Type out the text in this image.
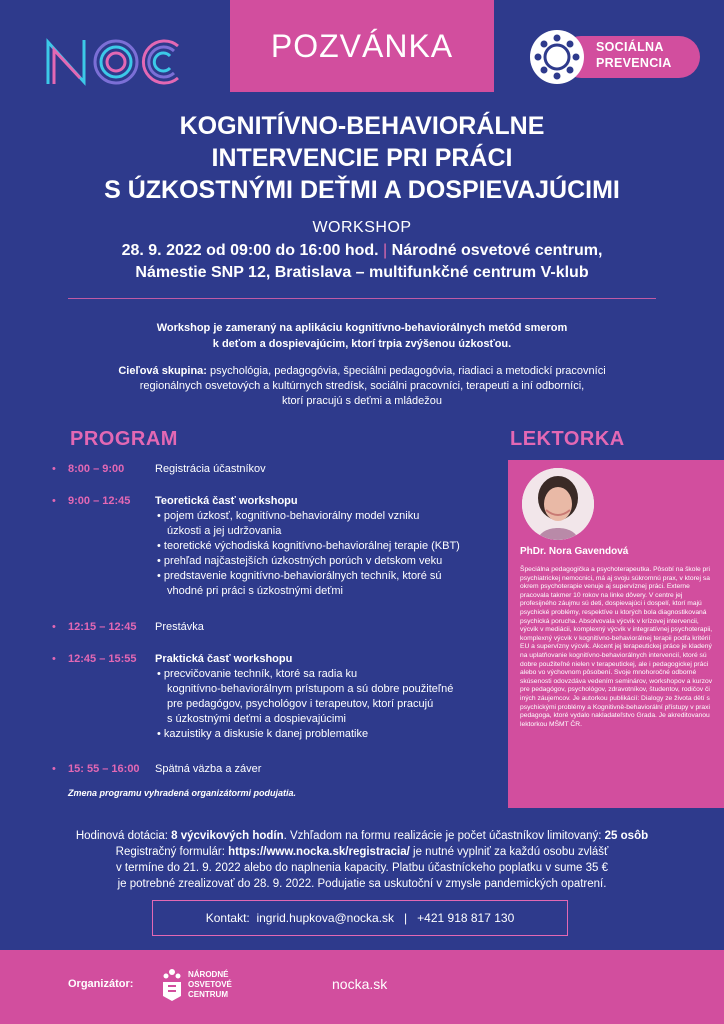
POZVÁNKA	SOCIÁLNA
PREVENCIA
KOGNITÍVNO-BEHAVIORÁLNE
INTERVENCIE PRI PRÁCI
S ÚZKOSTNÝMI DEŤMI A DOSPIEVAJÚCIMI
WORKSHOP
28. 9. 2022 od 09:00 do 16:00 hod. | Národné osvetové centrum,
Námestie SNP 12, Bratislava – multifunkčné centrum V-klub
Workshop je zameraný na aplikáciu kognitívno-behaviorálnych metód smerom
k deťom a dospievajúcim, ktorí trpia zvýšenou úzkosťou.
Cieľová skupina: psychológia, pedagogóvia, špeciálni pedagogóvia, riadiaci a metodickí pracovníci
regionálnych osvetových a kultúrnych stredísk, sociálni pracovníci, terapeuti a iní odborníci,
ktorí pracujú s deťmi a mládežou
PROGRAM	LEKTORKA
• 8:00 – 9:00	Registrácia účastníkov
• 9:00 – 12:45	Teoretická časť workshopu
• pojem úzkosť, kognitívno-behaviorálny model vzniku
úzkosti a jej udržovania
• teoretické východiská kognitívno-behaviorálnej terapie (KBT)
• prehľad najčastejších úzkostných porúch v detskom veku
• predstavenie kognitívno-behaviorálnych techník, ktoré sú
vhodné pri práci s úzkostnými deťmi
• 12:15 – 12:45	Prestávka
• 12:45 – 15:55	Praktická časť workshopu
• precvičovanie techník, ktoré sa radia ku
kognitívno-behaviorálnym prístupom a sú dobre použiteľné
pre pedagógov, psychológov i terapeutov, ktorí pracujú
s úzkostnými deťmi a dospievajúcimi
• kazuistiky a diskusie k danej problematike
• 15: 55 – 16:00	Spätná väzba a záver
Zmena programu vyhradená organizátormi podujatia.
PhDr. Nora Gavendová
Špeciálna pedagogička a psychoterapeutka. Pôsobí na škole pri psychiatrickej nemocnici, má aj svoju súkromnú prax, v ktorej sa okrem psychoterapie venuje aj supervíznej práci. Externe pracovala takmer 10 rokov na linke dôvery. V centre jej profesijného záujmu sú deti, dospievajúci i dospelí, ktorí majú psychické problémy, respektíve u ktorých bola diagnostikovaná psychická porucha. Absolvovala výcvik v krízovej intervencii, výcvik v mediácii, komplexný výcvik v integratívnej psychoterapii, komplexný výcvik v kognitívno-behaviorálnej terapii podľa kritérií EU a supervízny výcvik. Akcent jej terapeutickej práce je kladený na uplatňovanie kognitívno-behaviorálnych intervencií, ktoré sú dobre použiteľné nielen v terapeutickej, ale i pedagogickej práci alebo vo výchovnom pôsobení. Svoje mnohoročné odborné skúsenosti odovzdáva vedením seminárov, workshopov a kurzov pre pedagógov, psychológov, zdravotníkov, študentov, rodičov či iných záujemcov. Je autorkou publikácií: Dialogy ze života dětí s psychickými problémy a Kognitivně-behaviorální přístupy v praxi pedagoga, ktoré vydalo nakladateľstvo Grada. Je akreditovanou lektorkou MŠMT ČR.
Hodinová dotácia: 8 výcvikových hodín. Vzhľadom na formu realizácie je počet účastníkov limitovaný: 25 osôb
Registračný formulár: https://www.nocka.sk/registracia/ je nutné vyplniť za každú osobu zvlášť
v termíne do 21. 9. 2022 alebo do naplnenia kapacity. Platbu účastníckeho poplatku v sume 35 €
je potrebné zrealizovať do 28. 9. 2022. Podujatie sa uskutoční v zmysle pandemických opatrení.
Kontakt:
ingrid.hupkova@nocka.sk | +421 918 817 130
Organizátor:
NÁRODNÉ
OSVETOVÉ
CENTRUM
nocka.sk
